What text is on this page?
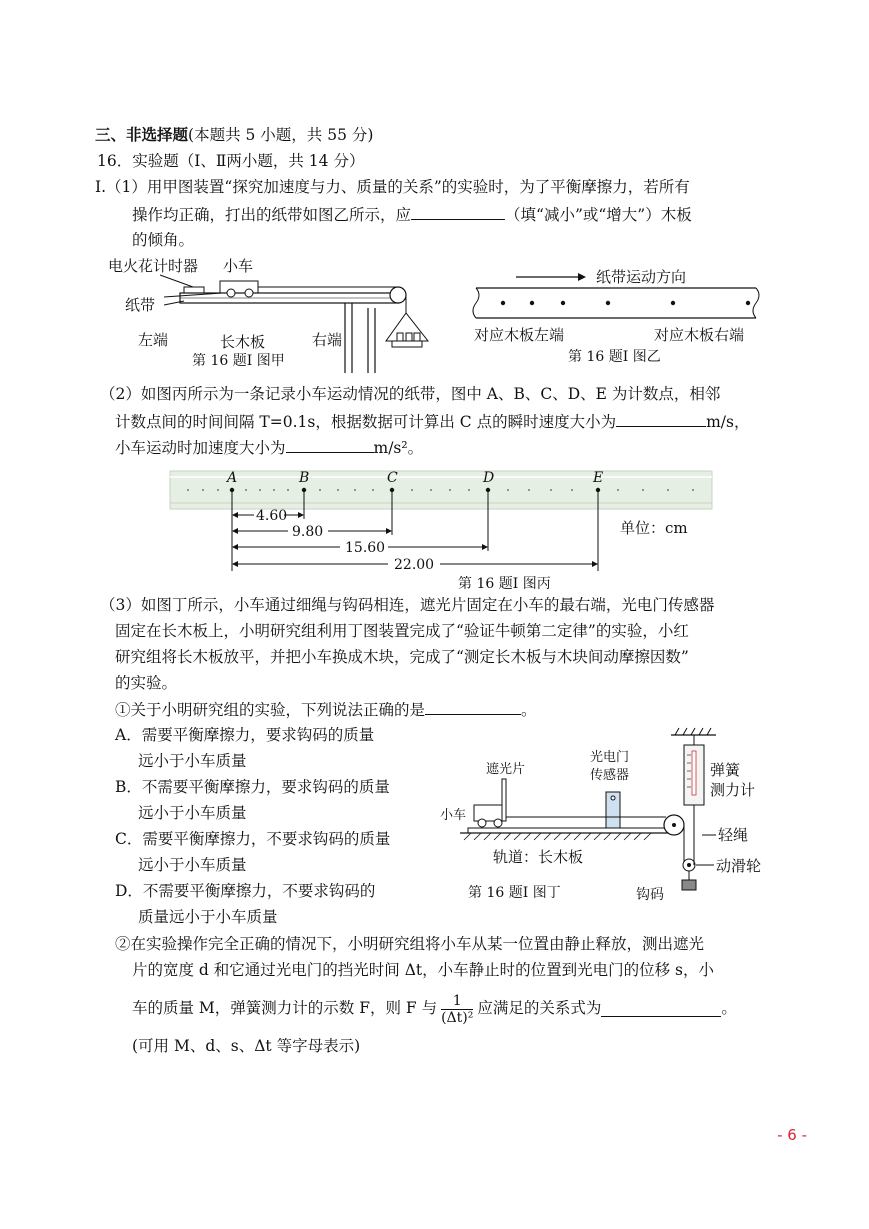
三、非选择题(本题共 5 小题，共 55 分)
16．实验题（Ⅰ、Ⅱ两小题，共 14 分）
Ⅰ.（1）用甲图装置“探究加速度与力、质量的关系”的实验时，为了平衡摩擦力，若所有
操作均正确，打出的纸带如图乙所示，应	（填“减小”或“增大”）木板
的倾角。
电火花计时器 小车
纸带
左端	长木板	右端
第 16 题Ⅰ 图甲
纸带运动方向
对应木板左端	对应木板右端
第 16 题Ⅰ 图乙
（2）如图丙所示为一条记录小车运动情况的纸带，图中 A、B、C、D、E 为计数点，相邻
计数点间的时间间隔 T=0.1s，根据数据可计算出 C 点的瞬时速度大小为	m/s，
小车运动时加速度大小为	m/s²。
A	B	C	D	E
4.60
9.80
15.60
22.00
单位：cm
第 16 题Ⅰ 图丙
（3）如图丁所示，小车通过细绳与钩码相连，遮光片固定在小车的最右端，光电门传感器
固定在长木板上，小明研究组利用丁图装置完成了“验证牛顿第二定律”的实验，小红
研究组将长木板放平，并把小车换成木块，完成了“测定长木板与木块间动摩擦因数”
的实验。
①关于小明研究组的实验，下列说法正确的是	。
A．需要平衡摩擦力，要求钩码的质量
远小于小车质量
B．不需要平衡摩擦力，要求钩码的质量
远小于小车质量
C．需要平衡摩擦力，不要求钩码的质量
远小于小车质量
D．不需要平衡摩擦力，不要求钩码的
质量远小于小车质量
遮光片
光电门
传感器
小车
弹簧
测力计
轻绳
动滑轮
轨道：长木板
第 16 题Ⅰ 图丁	钩码
②在实验操作完全正确的情况下，小明研究组将小车从某一位置由静止释放，测出遮光
片的宽度 d 和它通过光电门的挡光时间 Δt，小车静止时的位置到光电门的位移 s，小
车的质量 M，弹簧测力计的示数 F，则 F 与 $\frac{1}{\text{(Δt)²}}$ 应满足的关系式为	。
(可用 M、d、s、Δt 等字母表示)
- 6 -
